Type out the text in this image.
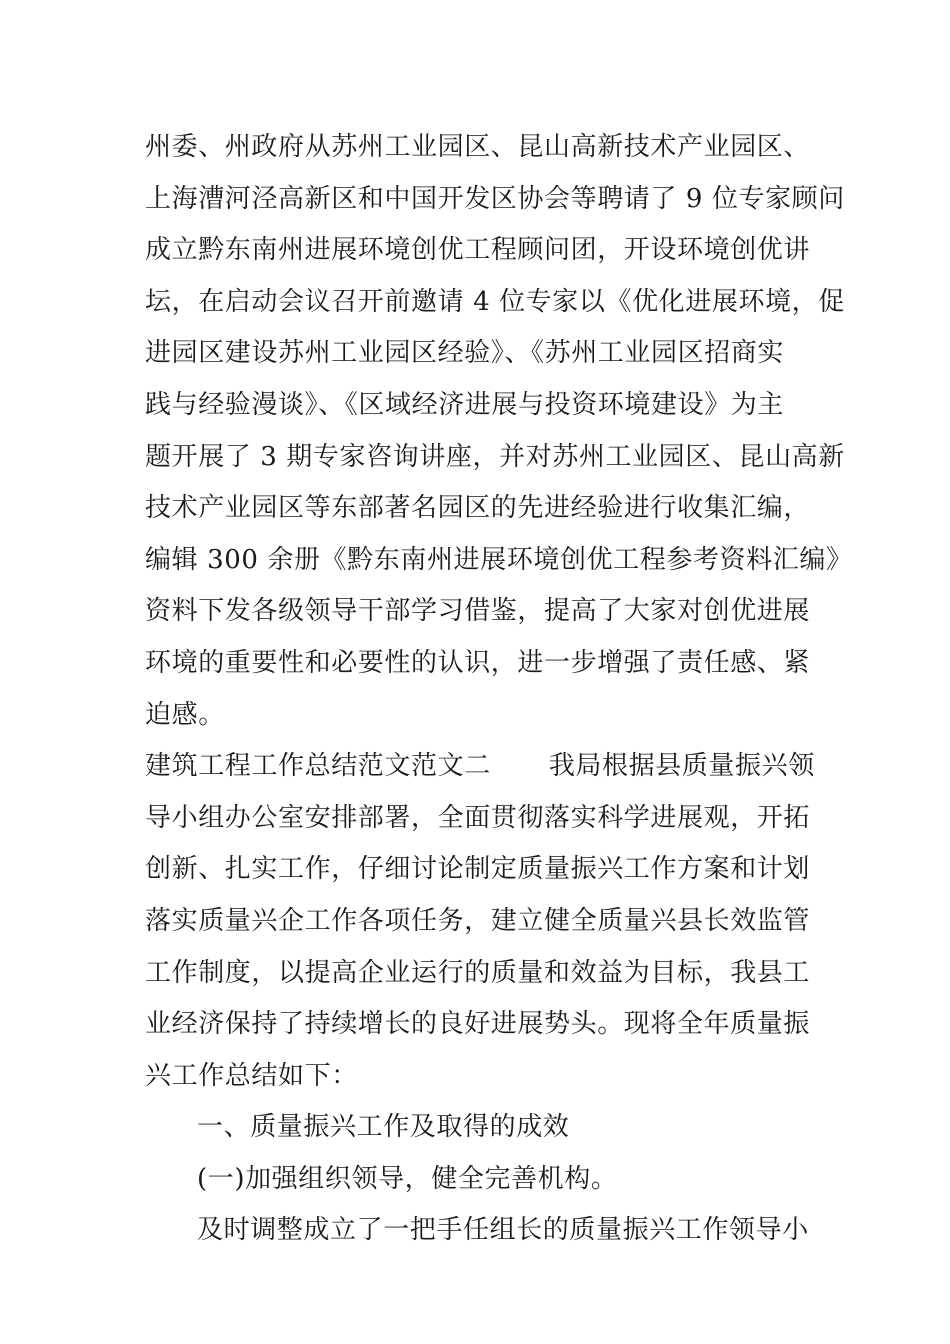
州委、州政府从苏州工业园区、昆山高新技术产业园区、
上海漕河泾高新区和中国开发区协会等聘请了 9 位专家顾问
成立黔东南州进展环境创优工程顾问团，开设环境创优讲
坛，在启动会议召开前邀请 4 位专家以《优化进展环境，促
进园区建设苏州工业园区经验》、《苏州工业园区招商实
践与经验漫谈》、《区域经济进展与投资环境建设》为主
题开展了 3 期专家咨询讲座，并对苏州工业园区、昆山高新
技术产业园区等东部著名园区的先进经验进行收集汇编，
编辑 300 余册《黔东南州进展环境创优工程参考资料汇编》
资料下发各级领导干部学习借鉴，提高了大家对创优进展
环境的重要性和必要性的认识，进一步增强了责任感、紧
迫感。
建筑工程工作总结范文范文二 我局根据县质量振兴领
导小组办公室安排部署，全面贯彻落实科学进展观，开拓
创新、扎实工作，仔细讨论制定质量振兴工作方案和计划
落实质量兴企工作各项任务，建立健全质量兴县长效监管
工作制度，以提高企业运行的质量和效益为目标，我县工
业经济保持了持续增长的良好进展势头。现将全年质量振
兴工作总结如下：
一、质量振兴工作及取得的成效
(一)加强组织领导，健全完善机构。
及时调整成立了一把手任组长的质量振兴工作领导小
